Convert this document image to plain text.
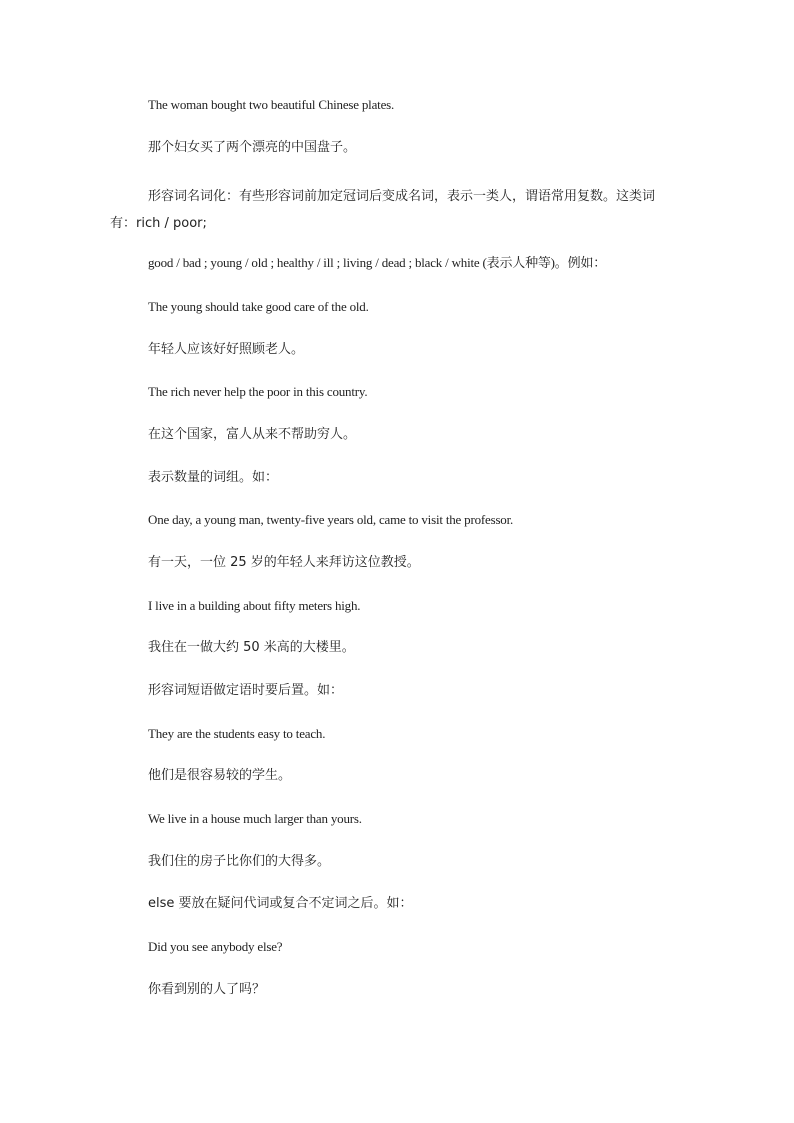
The woman bought two beautiful Chinese plates.

那个妇女买了两个漂亮的中国盘子。

形容词名词化：有些形容词前加定冠词后变成名词，表示一类人，谓语常用复数。这类词有：rich / poor;

good / bad ; young / old ; healthy / ill ; living / dead ; black / white (表示人种等)。例如：

The young should take good care of the old.

年轻人应该好好照顾老人。

The rich never help the poor in this country.

在这个国家，富人从来不帮助穷人。

表示数量的词组。如：

One day, a young man, twenty-five years old, came to visit the professor.

有一天，一位 25 岁的年轻人来拜访这位教授。

I live in a building about fifty meters high.

我住在一做大约 50 米高的大楼里。

形容词短语做定语时要后置。如：

They are the students easy to teach.

他们是很容易较的学生。

We live in a house much larger than yours.

我们住的房子比你们的大得多。

else 要放在疑问代词或复合不定词之后。如：

Did you see anybody else?

你看到别的人了吗？
